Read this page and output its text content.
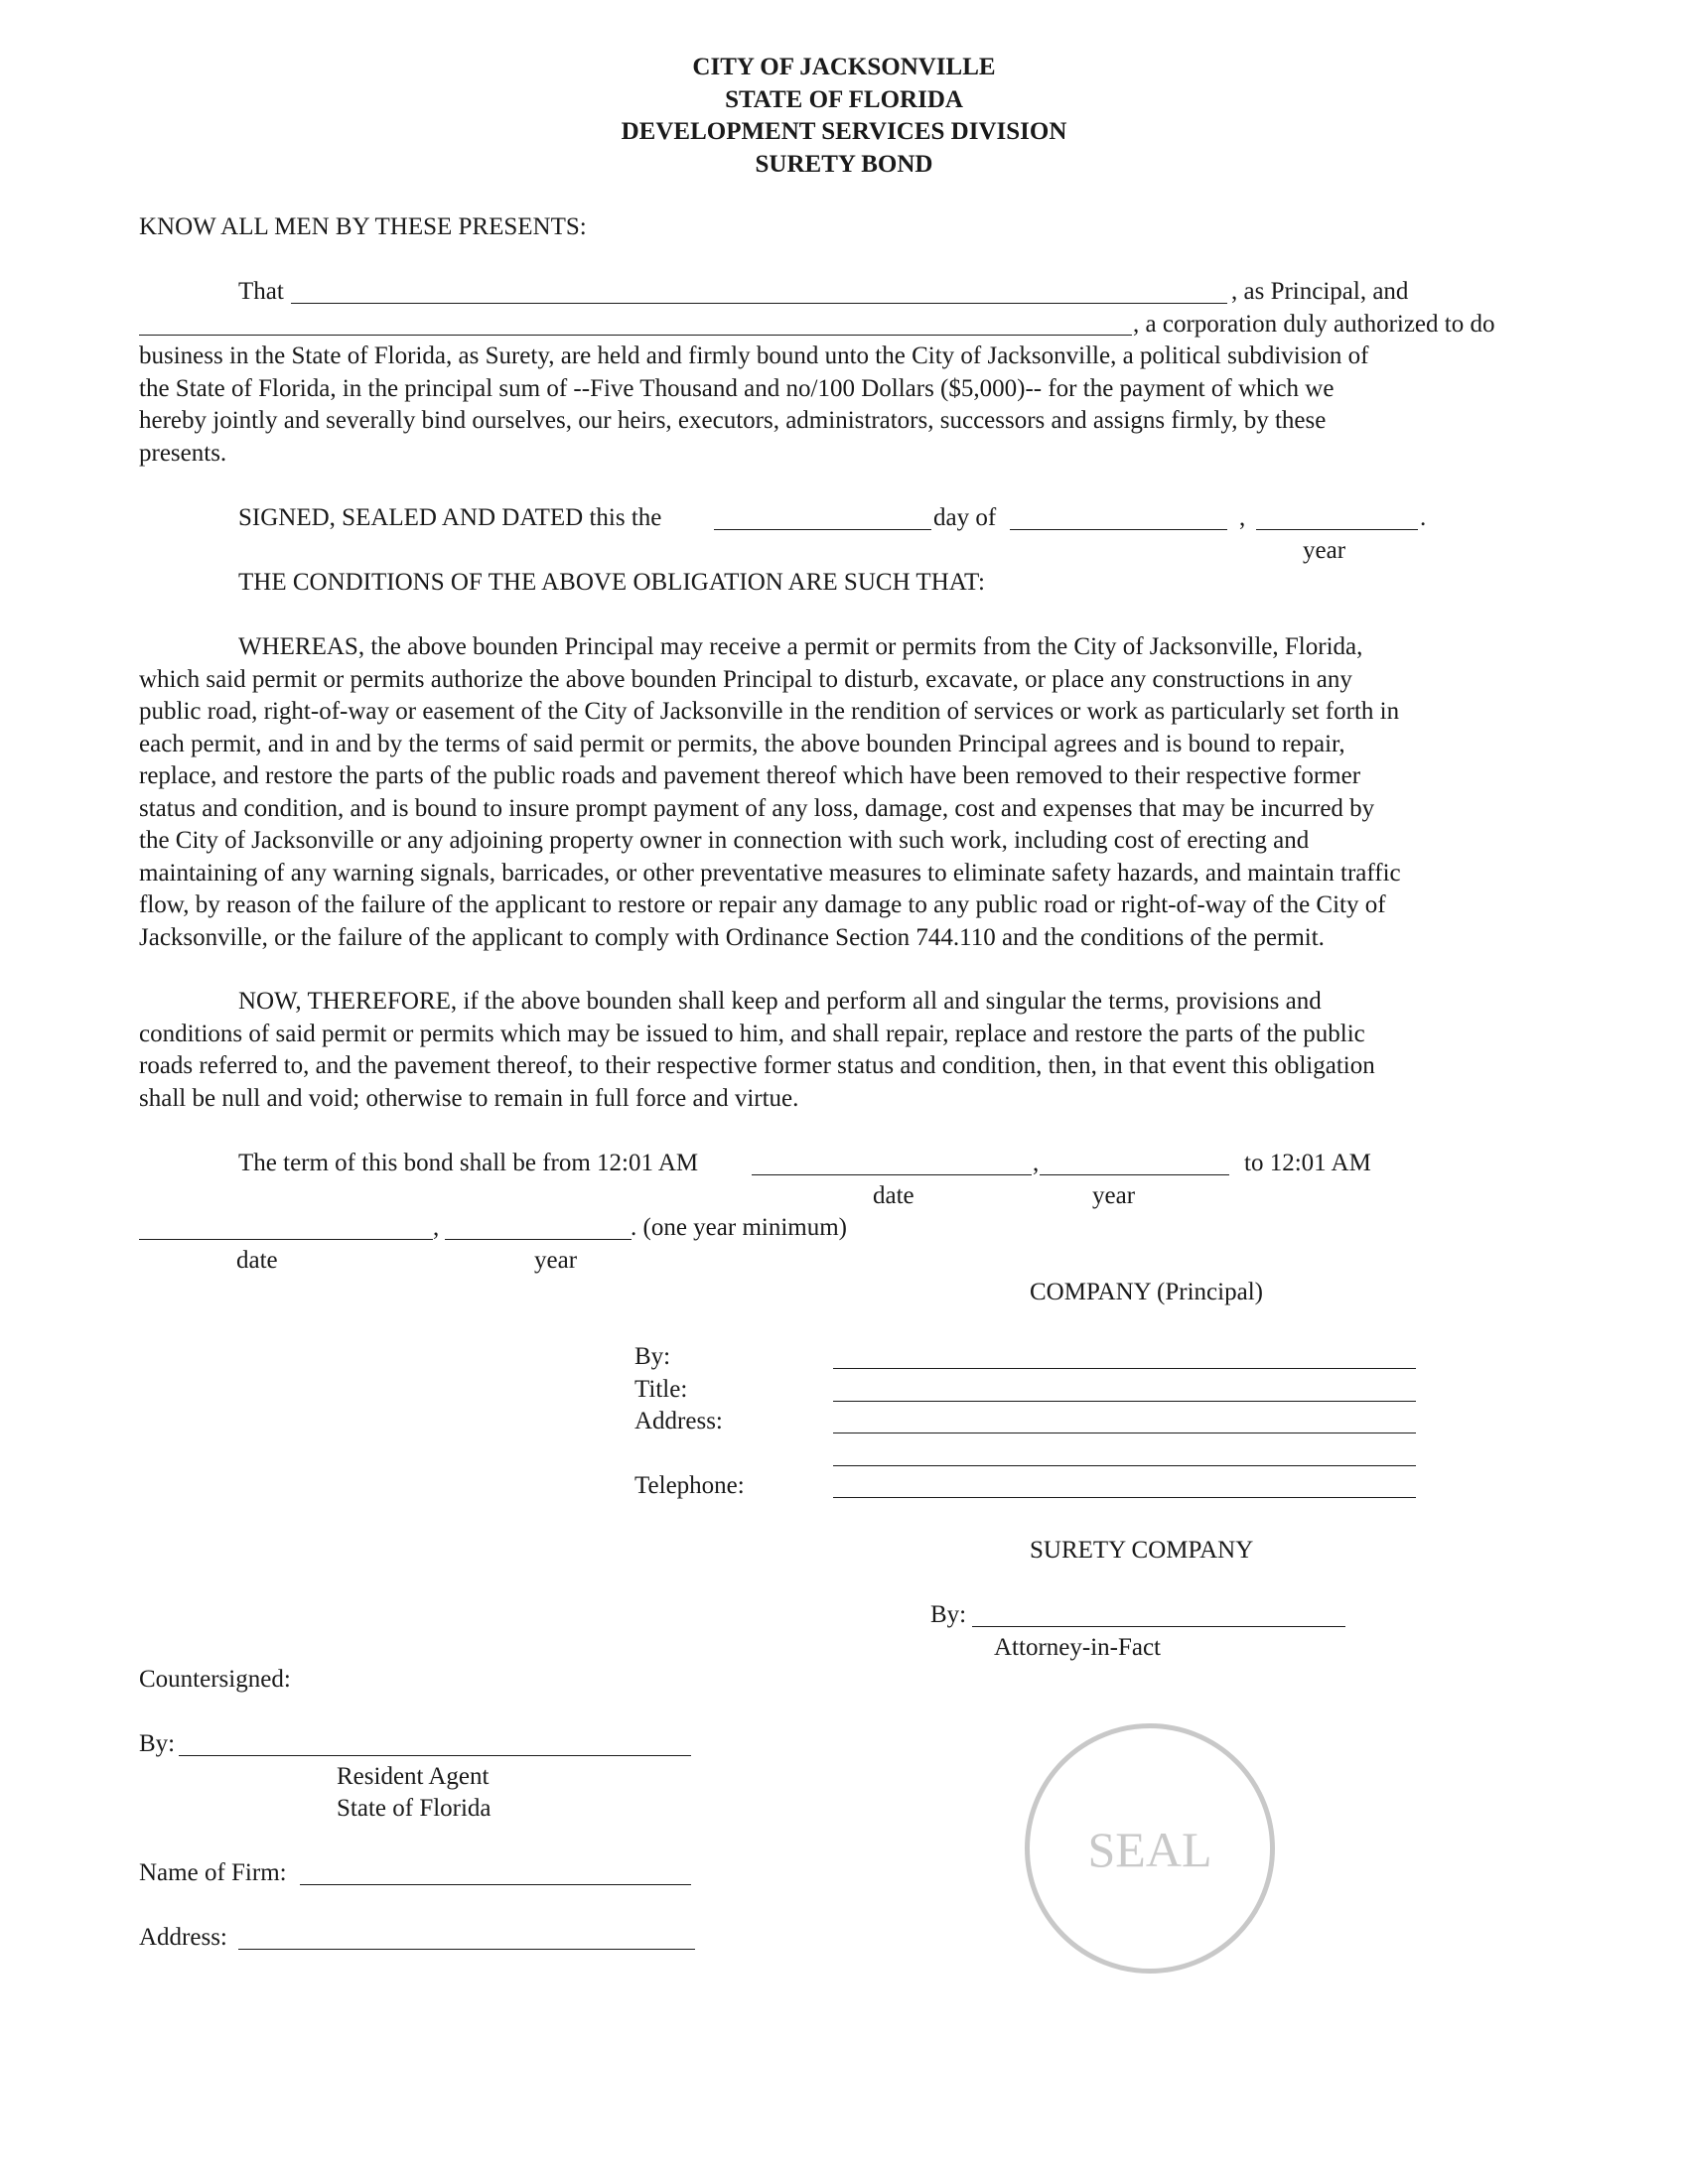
CITY OF JACKSONVILLE
STATE OF FLORIDA
DEVELOPMENT SERVICES DIVISION
SURETY BOND
KNOW ALL MEN BY THESE PRESENTS:
That	, as Principal, and
, a corporation duly authorized to do
business in the State of Florida, as Surety, are held and firmly bound unto the City of Jacksonville, a political subdivision of
the State of Florida, in the principal sum of --Five Thousand and no/100 Dollars ($5,000)-- for the payment of which we
hereby jointly and severally bind ourselves, our heirs, executors, administrators, successors and assigns firmly, by these
presents.
SIGNED, SEALED AND DATED this the	day of	,	.
year
THE CONDITIONS OF THE ABOVE OBLIGATION ARE SUCH THAT:
WHEREAS, the above bounden Principal may receive a permit or permits from the City of Jacksonville, Florida,
which said permit or permits authorize the above bounden Principal to disturb, excavate, or place any constructions in any
public road, right-of-way or easement of the City of Jacksonville in the rendition of services or work as particularly set forth in
each permit, and in and by the terms of said permit or permits, the above bounden Principal agrees and is bound to repair,
replace, and restore the parts of the public roads and pavement thereof which have been removed to their respective former
status and condition, and is bound to insure prompt payment of any loss, damage, cost and expenses that may be incurred by
the City of Jacksonville or any adjoining property owner in connection with such work, including cost of erecting and
maintaining of any warning signals, barricades, or other preventative measures to eliminate safety hazards, and maintain traffic
flow, by reason of the failure of the applicant to restore or repair any damage to any public road or right-of-way of the City of
Jacksonville, or the failure of the applicant to comply with Ordinance Section 744.110 and the conditions of the permit.
NOW, THEREFORE, if the above bounden shall keep and perform all and singular the terms, provisions and
conditions of said permit or permits which may be issued to him, and shall repair, replace and restore the parts of the public
roads referred to, and the pavement thereof, to their respective former status and condition, then, in that event this obligation
shall be null and void; otherwise to remain in full force and virtue.
The term of this bond shall be from 12:01 AM	,	to 12:01 AM
date	year
,	. (one year minimum)
date	year
COMPANY (Principal)
By:
Title:
Address:
Telephone:
SURETY COMPANY
By:
Attorney-in-Fact
Countersigned:
By:
Resident Agent
State of Florida
Name of Firm:
Address:
SEAL
